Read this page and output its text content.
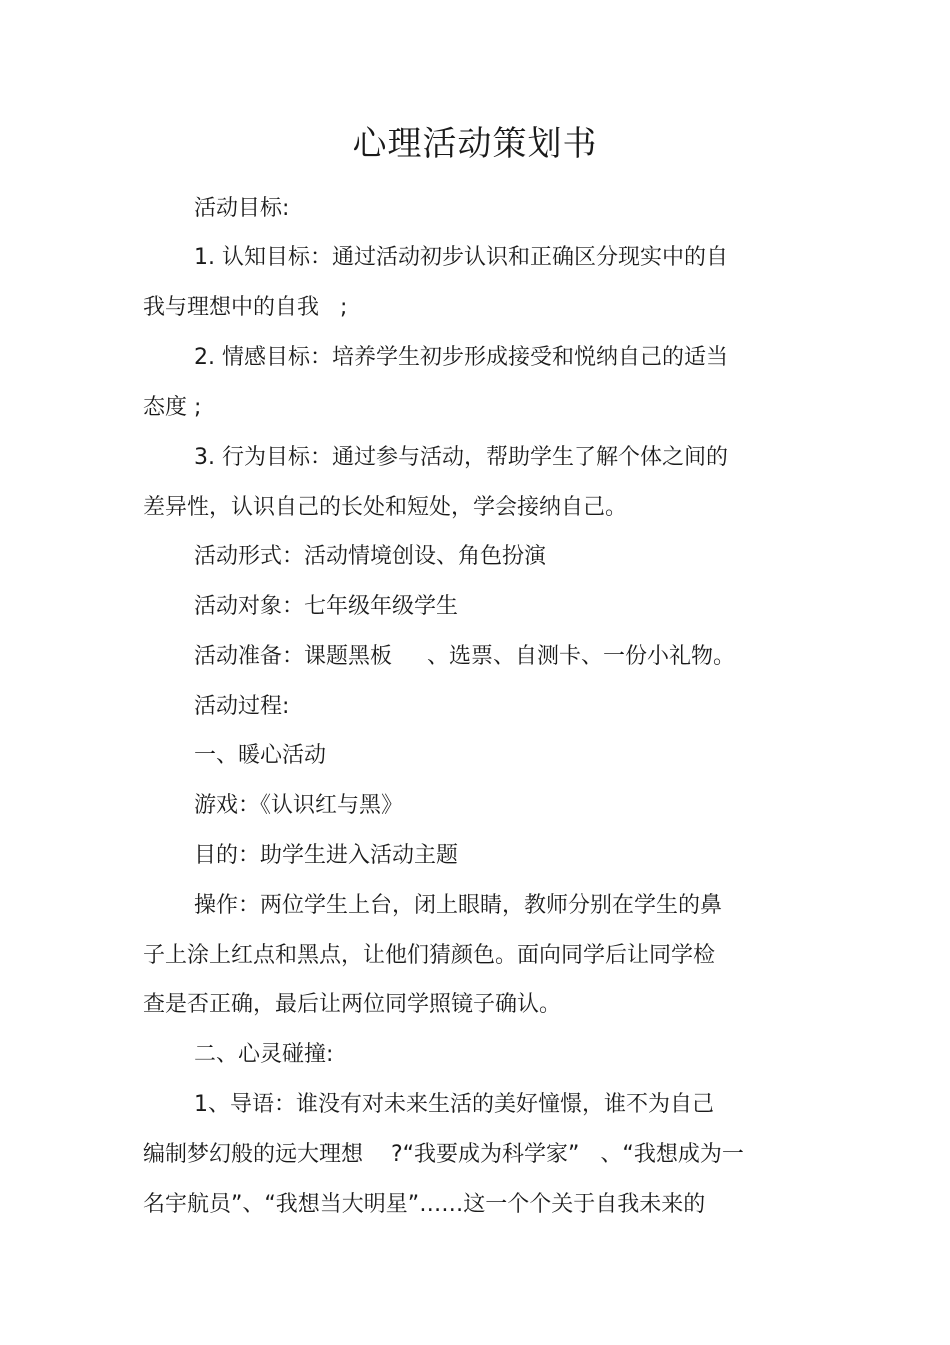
心理活动策划书

活动目标:

1. 认知目标：通过活动初步认识和正确区分现实中的自

我与理想中的自我   ;

2. 情感目标：培养学生初步形成接受和悦纳自己的适当

态度 ;

3. 行为目标：通过参与活动，帮助学生了解个体之间的

差异性，认识自己的长处和短处，学会接纳自己。

活动形式：活动情境创设、角色扮演

活动对象：七年级年级学生

活动准备：课题黑板     、选票、自测卡、一份小礼物。

活动过程:

一、暖心活动

游戏：《认识红与黑》

目的：助学生进入活动主题

操作：两位学生上台，闭上眼睛，教师分别在学生的鼻

子上涂上红点和黑点，让他们猜颜色。面向同学后让同学检

查是否正确，最后让两位同学照镜子确认。

二、心灵碰撞:

1、导语：谁没有对未来生活的美好憧憬，谁不为自己

编制梦幻般的远大理想    ?“我要成为科学家”   、“我想成为一

名宇航员”、“我想当大明星”……这一个个关于自我未来的
